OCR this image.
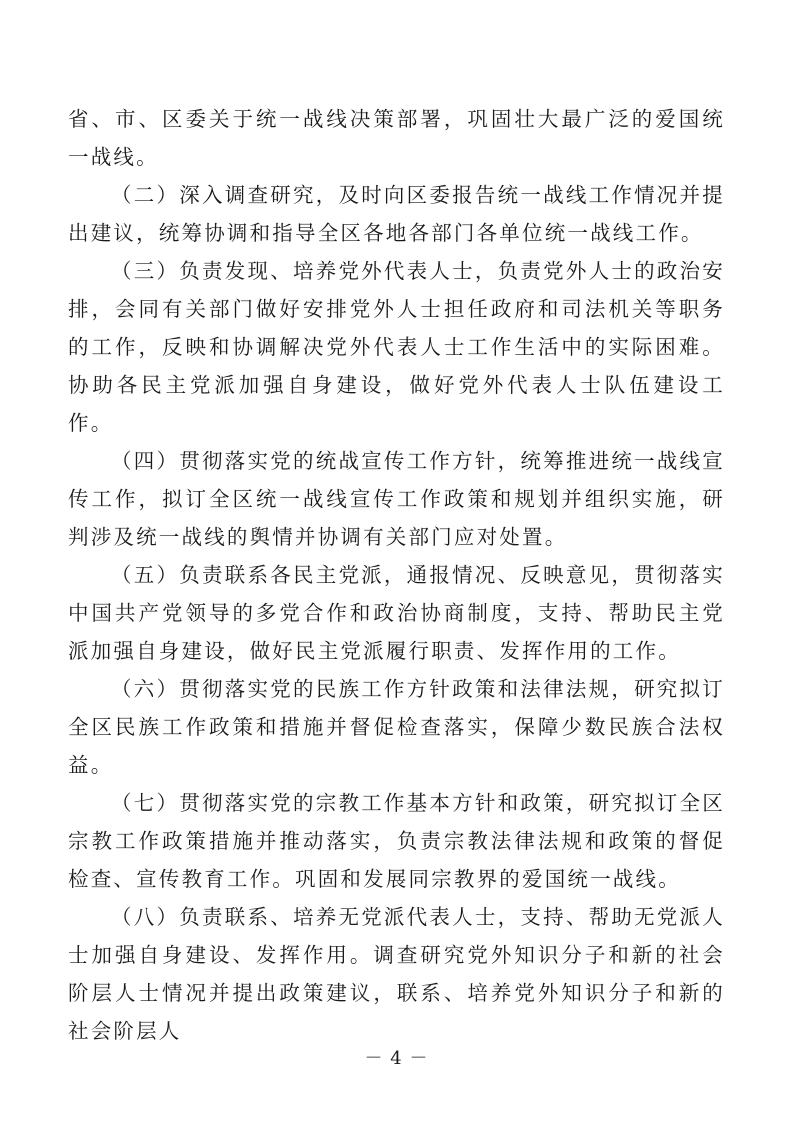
省、市、区委关于统一战线决策部署，巩固壮大最广泛的爱国统一战线。

（二）深入调查研究，及时向区委报告统一战线工作情况并提出建议，统筹协调和指导全区各地各部门各单位统一战线工作。

（三）负责发现、培养党外代表人士，负责党外人士的政治安排，会同有关部门做好安排党外人士担任政府和司法机关等职务的工作，反映和协调解决党外代表人士工作生活中的实际困难。协助各民主党派加强自身建设，做好党外代表人士队伍建设工作。

（四）贯彻落实党的统战宣传工作方针，统筹推进统一战线宣传工作，拟订全区统一战线宣传工作政策和规划并组织实施，研判涉及统一战线的舆情并协调有关部门应对处置。

（五）负责联系各民主党派，通报情况、反映意见，贯彻落实中国共产党领导的多党合作和政治协商制度，支持、帮助民主党派加强自身建设，做好民主党派履行职责、发挥作用的工作。

（六）贯彻落实党的民族工作方针政策和法律法规，研究拟订全区民族工作政策和措施并督促检查落实，保障少数民族合法权益。

（七）贯彻落实党的宗教工作基本方针和政策，研究拟订全区宗教工作政策措施并推动落实，负责宗教法律法规和政策的督促检查、宣传教育工作。巩固和发展同宗教界的爱国统一战线。

（八）负责联系、培养无党派代表人士，支持、帮助无党派人士加强自身建设、发挥作用。调查研究党外知识分子和新的社会阶层人士情况并提出政策建议，联系、培养党外知识分子和新的社会阶层人

－ 4 －
